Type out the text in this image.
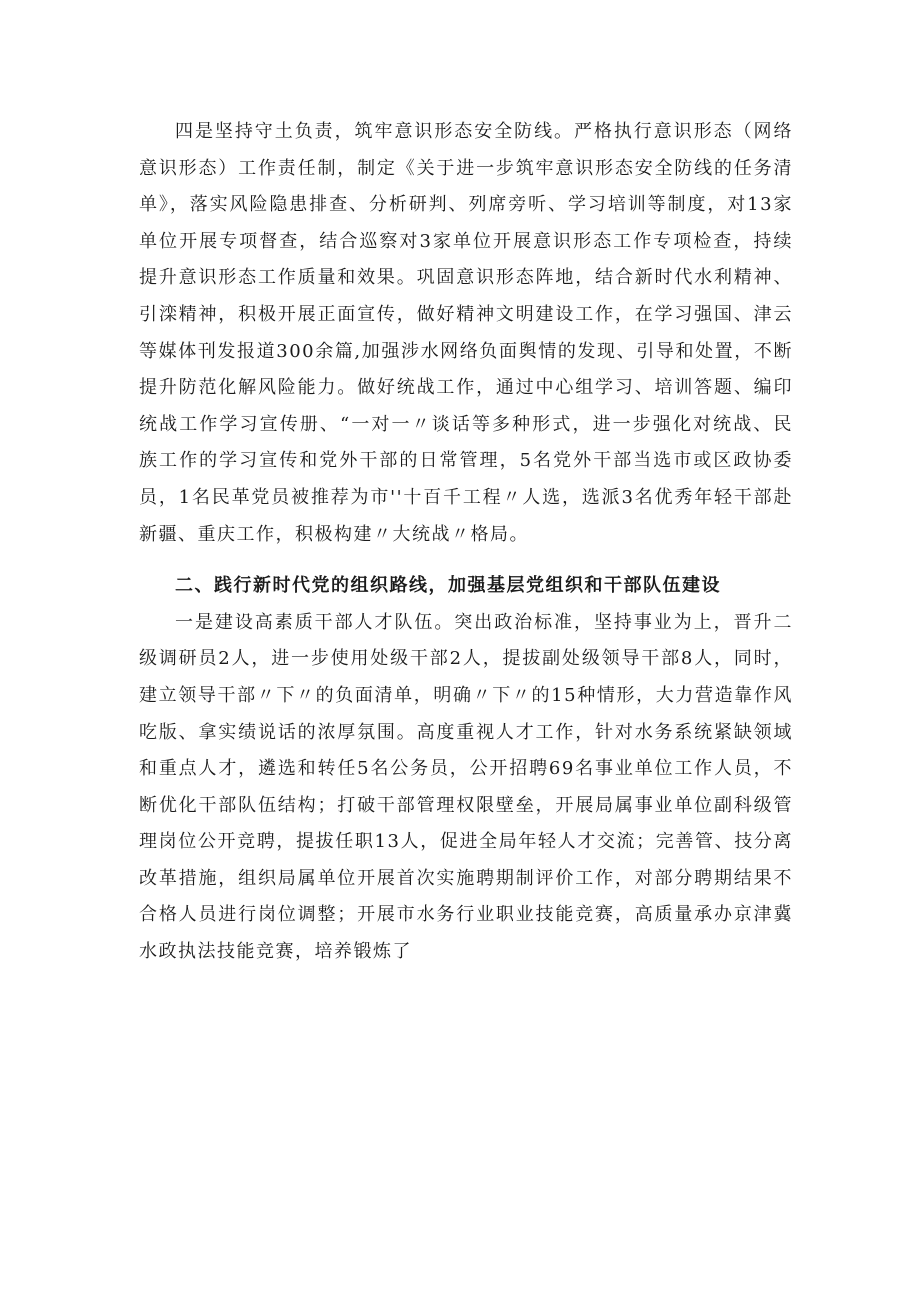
四是坚持守土负责，筑牢意识形态安全防线。严格执行意识形态（网络意识形态）工作责任制，制定《关于进一步筑牢意识形态安全防线的任务清单》，落实风险隐患排查、分析研判、列席旁听、学习培训等制度，对13家单位开展专项督查，结合巡察对3家单位开展意识形态工作专项检查，持续提升意识形态工作质量和效果。巩固意识形态阵地，结合新时代水利精神、引滦精神，积极开展正面宣传，做好精神文明建设工作，在学习强国、津云等媒体刊发报道300余篇,加强涉水网络负面舆情的发现、引导和处置，不断提升防范化解风险能力。做好统战工作，通过中心组学习、培训答题、编印统战工作学习宣传册、“一对一〃谈话等多种形式，进一步强化对统战、民族工作的学习宣传和党外干部的日常管理，5名党外干部当选市或区政协委员，1名民革党员被推荐为市''十百千工程〃人选，选派3名优秀年轻干部赴新疆、重庆工作，积极构建〃大统战〃格局。

二、践行新时代党的组织路线，加强基层党组织和干部队伍建设

一是建设高素质干部人才队伍。突出政治标准，坚持事业为上，晋升二级调研员2人，进一步使用处级干部2人，提拔副处级领导干部8人，同时，建立领导干部〃下〃的负面清单，明确〃下〃的15种情形，大力营造靠作风吃版、拿实绩说话的浓厚氛围。高度重视人才工作，针对水务系统紧缺领域和重点人才，遴选和转任5名公务员，公开招聘69名事业单位工作人员，不断优化干部队伍结构；打破干部管理权限壁垒，开展局属事业单位副科级管理岗位公开竞聘，提拔任职13人，促进全局年轻人才交流；完善管、技分离改革措施，组织局属单位开展首次实施聘期制评价工作，对部分聘期结果不合格人员进行岗位调整；开展市水务行业职业技能竞赛，高质量承办京津冀水政执法技能竞赛，培养锻炼了
